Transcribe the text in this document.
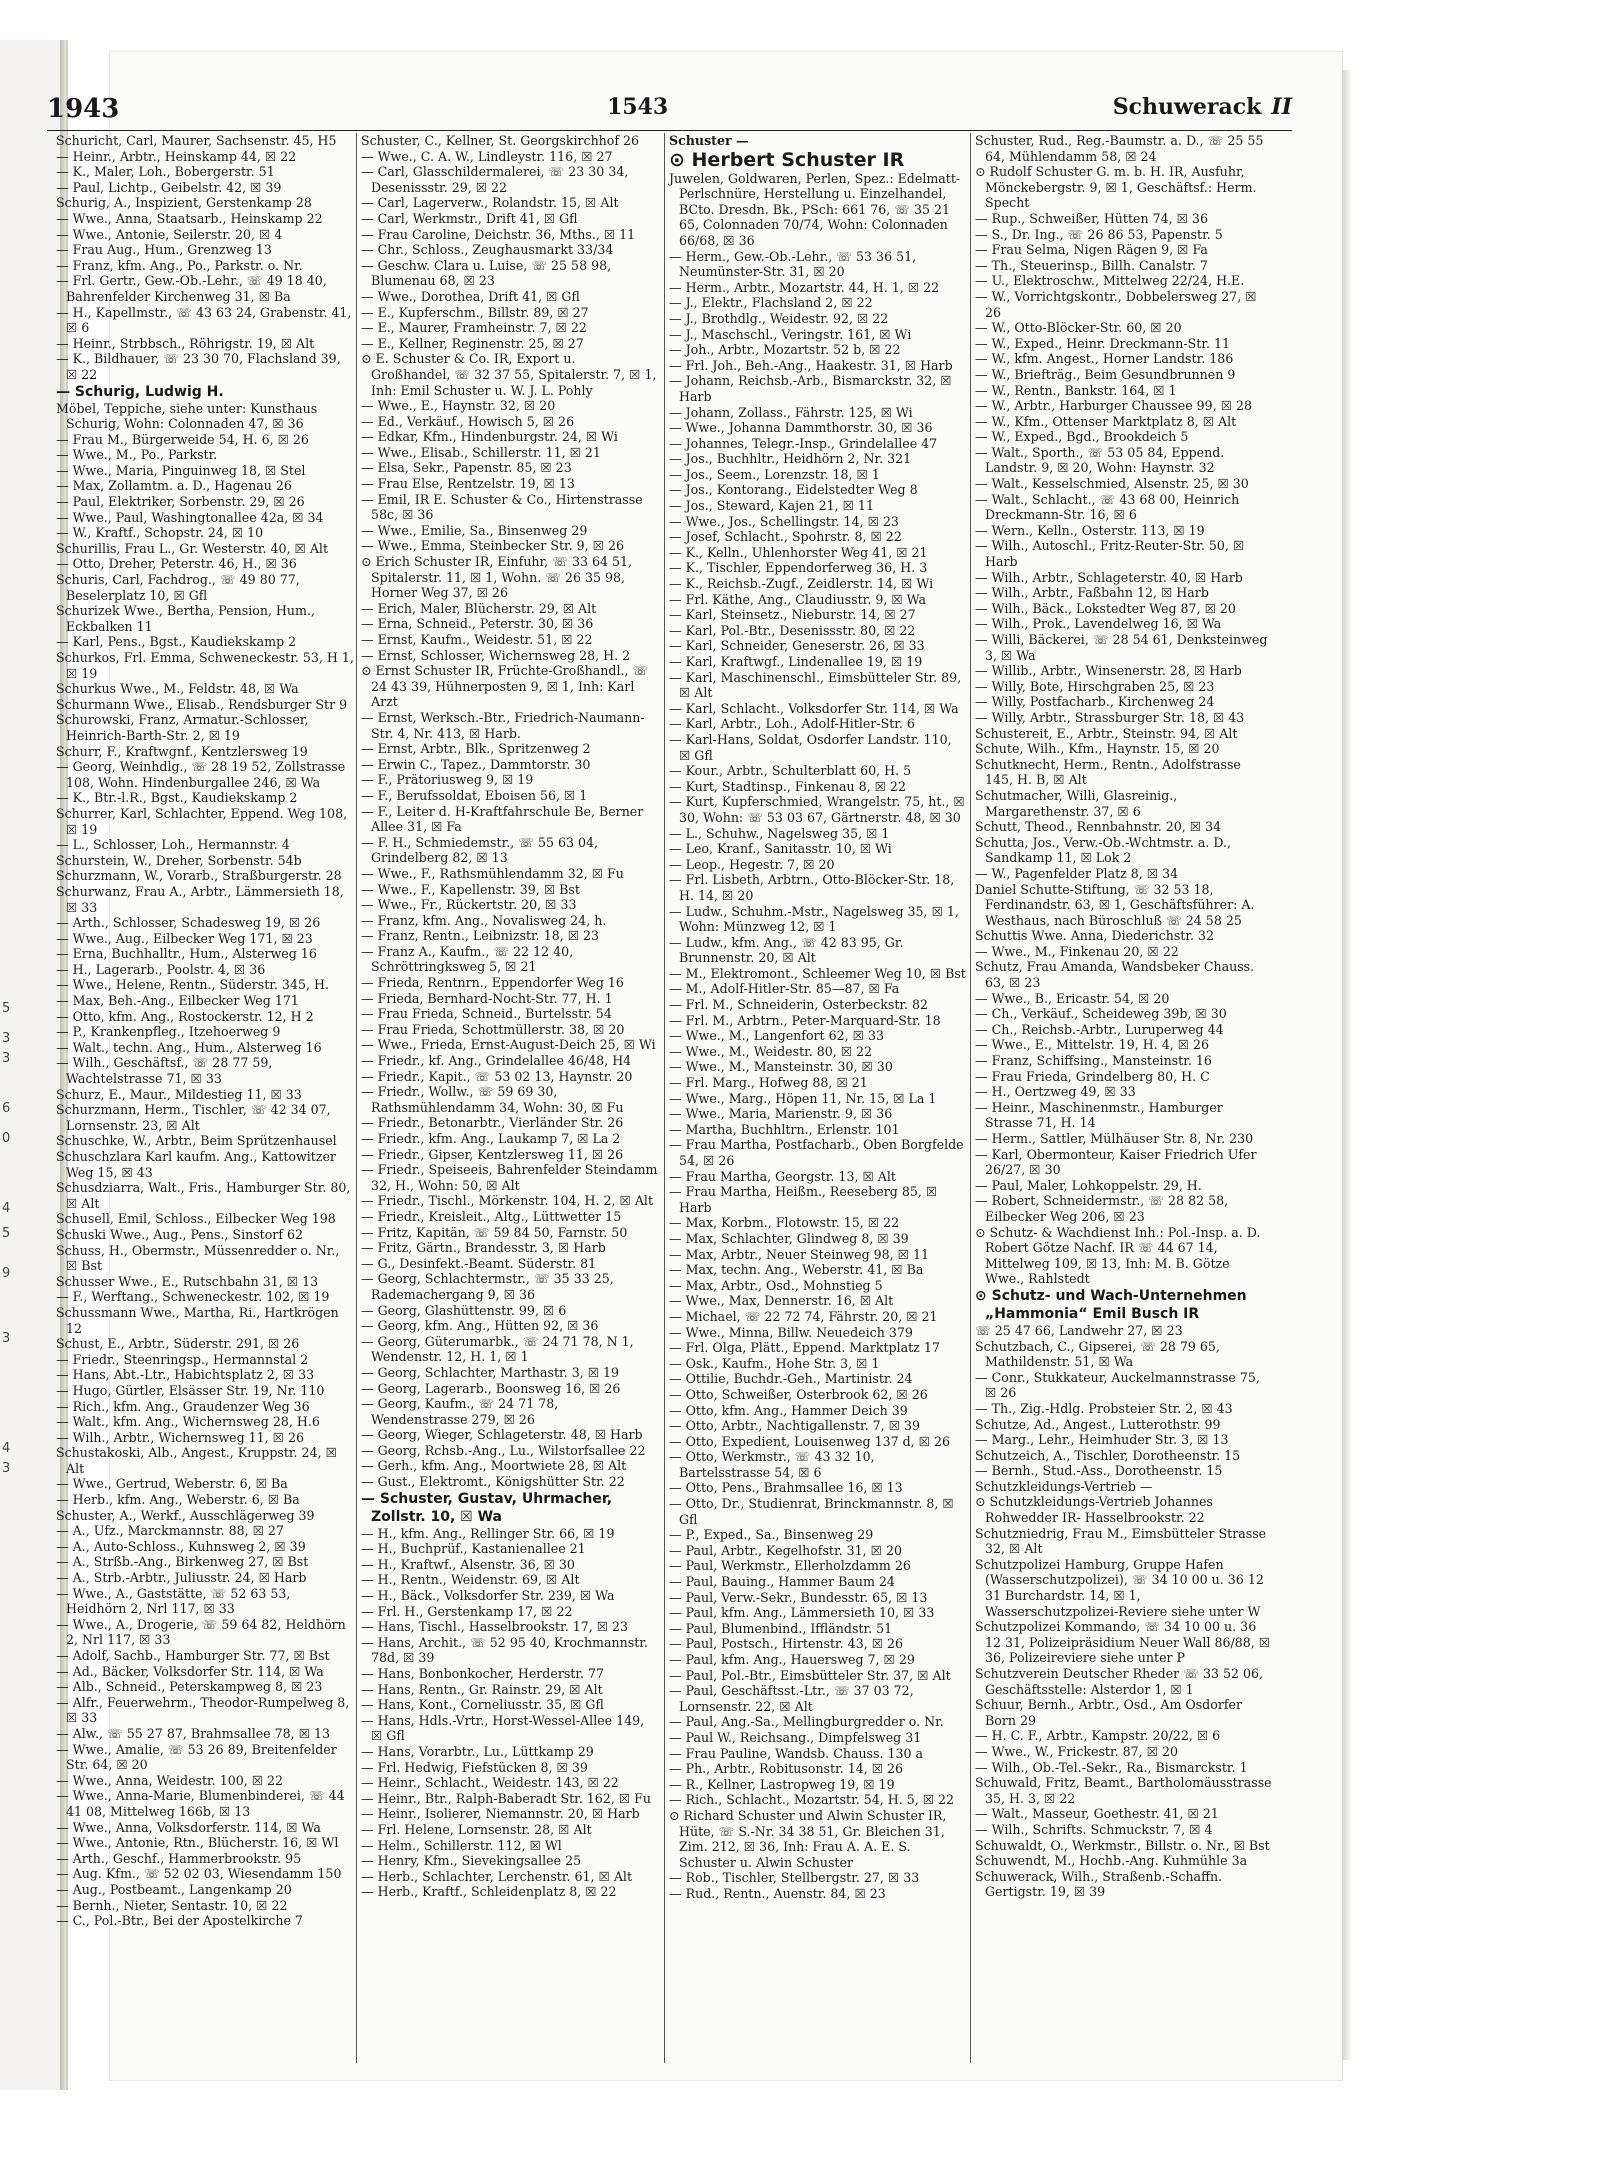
5
3
3
6
0
4
5
9
3
4
3
1943	1543	Schuwerack II

Schuricht, Carl, Maurer, Sachsenstr. 45, H5

— Heinr., Arbtr., Heinskamp 44, ☒ 22

— K., Maler, Loh., Bobergerstr. 51

— Paul, Lichtp., Geibelstr. 42, ☒ 39

Schurig, A., Inspizient, Gerstenkamp 28

— Wwe., Anna, Staatsarb., Heinskamp 22

— Wwe., Antonie, Seilerstr. 20, ☒ 4

— Frau Aug., Hum., Grenzweg 13

— Franz, kfm. Ang., Po., Parkstr. o. Nr.

— Frl. Gertr., Gew.-Ob.-Lehr., ☏ 49 18 40, Bahrenfelder Kirchenweg 31, ☒ Ba

— H., Kapellmstr., ☏ 43 63 24, Grabenstr. 41, ☒ 6

— Heinr., Strbbsch., Röhrigstr. 19, ☒ Alt

— K., Bildhauer, ☏ 23 30 70, Flachsland 39, ☒ 22

— Schurig, Ludwig H.

Möbel, Teppiche, siehe unter: Kunsthaus Schurig, Wohn: Colonnaden 47, ☒ 36

— Frau M., Bürgerweide 54, H. 6, ☒ 26

— Wwe., M., Po., Parkstr.

— Wwe., Maria, Pinguinweg 18, ☒ Stel

— Max, Zollamtm. a. D., Hagenau 26

— Paul, Elektriker, Sorbenstr. 29, ☒ 26

— Wwe., Paul, Washingtonallee 42a, ☒ 34

— W., Kraftf., Schopstr. 24, ☒ 10

Schurillis, Frau L., Gr. Westerstr. 40, ☒ Alt

— Otto, Dreher, Peterstr. 46, H., ☒ 36

Schuris, Carl, Fachdrog., ☏ 49 80 77, Beselerplatz 10, ☒ Gfl

Schurizek Wwe., Bertha, Pension, Hum., Eckbalken 11

— Karl, Pens., Bgst., Kaudiekskamp 2

Schurkos, Frl. Emma, Schweneckestr. 53, H 1, ☒ 19

Schurkus Wwe., M., Feldstr. 48, ☒ Wa

Schurmann Wwe., Elisab., Rendsburger Str 9

Schurowski, Franz, Armatur.-Schlosser, Heinrich-Barth-Str. 2, ☒ 19

Schurr, F., Kraftwgnf., Kentzlersweg 19

— Georg, Weinhdlg., ☏ 28 19 52, Zollstrasse 108, Wohn. Hindenburgallee 246, ☒ Wa

— K., Btr.-l.R., Bgst., Kaudiekskamp 2

Schurrer, Karl, Schlachter, Eppend. Weg 108, ☒ 19

— L., Schlosser, Loh., Hermannstr. 4

Schurstein, W., Dreher, Sorbenstr. 54b

Schurzmann, W., Vorarb., Straßburgerstr. 28

Schurwanz, Frau A., Arbtr., Lämmersieth 18, ☒ 33

— Arth., Schlosser, Schadesweg 19, ☒ 26

— Wwe., Aug., Eilbecker Weg 171, ☒ 23

— Erna, Buchhalltr., Hum., Alsterweg 16

— H., Lagerarb., Poolstr. 4, ☒ 36

— Wwe., Helene, Rentn., Süderstr. 345, H.

— Max, Beh.-Ang., Eilbecker Weg 171

— Otto, kfm. Ang., Rostockerstr. 12, H 2

— P., Krankenpfleg., Itzehoerweg 9

— Walt., techn. Ang., Hum., Alsterweg 16

— Wilh., Geschäftsf., ☏ 28 77 59, Wachtelstrasse 71, ☒ 33

Schurz, E., Maur., Mildestieg 11, ☒ 33

Schurzmann, Herm., Tischler, ☏ 42 34 07, Lornsenstr. 23, ☒ Alt

Schuschke, W., Arbtr., Beim Sprützenhausel

Schuschzlara Karl kaufm. Ang., Kattowitzer Weg 15, ☒ 43

Schusdziarra, Walt., Fris., Hamburger Str. 80, ☒ Alt

Schusell, Emil, Schloss., Eilbecker Weg 198

Schuski Wwe., Aug., Pens., Sinstorf 62

Schuss, H., Obermstr., Müssenredder o. Nr., ☒ Bst

Schusser Wwe., E., Rutschbahn 31, ☒ 13

— F., Werftang., Schweneckestr. 102, ☒ 19

Schussmann Wwe., Martha, Ri., Hartkrögen 12

Schust, E., Arbtr., Süderstr. 291, ☒ 26

— Friedr., Steenringsp., Hermannstal 2

— Hans, Abt.-Ltr., Habichtsplatz 2, ☒ 33

— Hugo, Gürtler, Elsässer Str. 19, Nr. 110

— Rich., kfm. Ang., Graudenzer Weg 36

— Walt., kfm. Ang., Wichernsweg 28, H.6

— Wilh., Arbtr., Wichernsweg 11, ☒ 26

Schustakoski, Alb., Angest., Kruppstr. 24, ☒ Alt

— Wwe., Gertrud, Weberstr. 6, ☒ Ba

— Herb., kfm. Ang., Weberstr. 6, ☒ Ba

Schuster, A., Werkf., Ausschlägerweg 39

— A., Ufz., Marckmannstr. 88, ☒ 27

— A., Auto-Schloss., Kuhnsweg 2, ☒ 39

— A., Strßb.-Ang., Birkenweg 27, ☒ Bst

— A., Strb.-Arbtr., Juliusstr. 24, ☒ Harb

— Wwe., A., Gaststätte, ☏ 52 63 53, Heidhörn 2, Nrl 117, ☒ 33

— Wwe., A., Drogerie, ☏ 59 64 82, Heldhörn 2, Nrl 117, ☒ 33

— Adolf, Sachb., Hamburger Str. 77, ☒ Bst

— Ad., Bäcker, Volksdorfer Str. 114, ☒ Wa

— Alb., Schneid., Peterskampweg 8, ☒ 23

— Alfr., Feuerwehrm., Theodor-Rumpelweg 8, ☒ 33

— Alw., ☏ 55 27 87, Brahmsallee 78, ☒ 13

— Wwe., Amalie, ☏ 53 26 89, Breitenfelder Str. 64, ☒ 20

— Wwe., Anna, Weidestr. 100, ☒ 22

— Wwe., Anna-Marie, Blumenbinderei, ☏ 44 41 08, Mittelweg 166b, ☒ 13

— Wwe., Anna, Volksdorferstr. 114, ☒ Wa

— Wwe., Antonie, Rtn., Blücherstr. 16, ☒ Wl

— Arth., Geschf., Hammerbrookstr. 95

— Aug. Kfm., ☏ 52 02 03, Wiesendamm 150

— Aug., Postbeamt., Langenkamp 20

— Bernh., Nieter, Sentastr. 10, ☒ 22

— C., Pol.-Btr., Bei der Apostelkirche 7

Schuster, C., Kellner, St. Georgskirchhof 26

— Wwe., C. A. W., Lindleystr. 116, ☒ 27

— Carl, Glasschildermalerei, ☏ 23 30 34, Desenissstr. 29, ☒ 22

— Carl, Lagerverw., Rolandstr. 15, ☒ Alt

— Carl, Werkmstr., Drift 41, ☒ Gfl

— Frau Caroline, Deichstr. 36, Mths., ☒ 11

— Chr., Schloss., Zeughausmarkt 33/34

— Geschw. Clara u. Luise, ☏ 25 58 98, Blumenau 68, ☒ 23

— Wwe., Dorothea, Drift 41, ☒ Gfl

— E., Kupferschm., Billstr. 89, ☒ 27

— E., Maurer, Framheinstr. 7, ☒ 22

— E., Kellner, Reginenstr. 25, ☒ 27

⊙ E. Schuster & Co. IR, Export u. Großhandel, ☏ 32 37 55, Spitalerstr. 7, ☒ 1, Inh: Emil Schuster u. W. J. L. Pohly

— Wwe., E., Haynstr. 32, ☒ 20

— Ed., Verkäuf., Howisch 5, ☒ 26

— Edkar, Kfm., Hindenburgstr. 24, ☒ Wi

— Wwe., Elisab., Schillerstr. 11, ☒ 21

— Elsa, Sekr., Papenstr. 85, ☒ 23

— Frau Else, Rentzelstr. 19, ☒ 13

— Emil, IR E. Schuster & Co., Hirtenstrasse 58c, ☒ 36

— Wwe., Emilie, Sa., Binsenweg 29

— Wwe., Emma, Steinbecker Str. 9, ☒ 26

⊙ Erich Schuster IR, Einfuhr, ☏ 33 64 51, Spitalerstr. 11, ☒ 1, Wohn. ☏ 26 35 98, Horner Weg 37, ☒ 26

— Erich, Maler, Blücherstr. 29, ☒ Alt

— Erna, Schneid., Peterstr. 30, ☒ 36

— Ernst, Kaufm., Weidestr. 51, ☒ 22

— Ernst, Schlosser, Wichernsweg 28, H. 2

⊙ Ernst Schuster IR, Früchte-Großhandl., ☏ 24 43 39, Hühnerposten 9, ☒ 1, Inh: Karl Arzt

— Ernst, Werksch.-Btr., Friedrich-Naumann-Str. 4, Nr. 413, ☒ Harb.

— Ernst, Arbtr., Blk., Spritzenweg 2

— Erwin C., Tapez., Dammtorstr. 30

— F., Prätoriusweg 9, ☒ 19

— F., Berufssoldat, Eboisen 56, ☒ 1

— F., Leiter d. H-Kraftfahrschule Be, Berner Allee 31, ☒ Fa

— F. H., Schmiedemstr., ☏ 55 63 04, Grindelberg 82, ☒ 13

— Wwe., F., Rathsmühlendamm 32, ☒ Fu

— Wwe., F., Kapellenstr. 39, ☒ Bst

— Wwe., Fr., Rückertstr. 20, ☒ 33

— Franz, kfm. Ang., Novalisweg 24, h.

— Franz, Rentn., Leibnizstr. 18, ☒ 23

— Franz A., Kaufm., ☏ 22 12 40, Schröttringksweg 5, ☒ 21

— Frieda, Rentnrn., Eppendorfer Weg 16

— Frieda, Bernhard-Nocht-Str. 77, H. 1

— Frau Frieda, Schneid., Burtelsstr. 54

— Frau Frieda, Schottmüllerstr. 38, ☒ 20

— Wwe., Frieda, Ernst-August-Deich 25, ☒ Wi

— Friedr., kf. Ang., Grindelallee 46/48, H4

— Friedr., Kapit., ☏ 53 02 13, Haynstr. 20

— Friedr., Wollw., ☏ 59 69 30, Rathsmühlendamm 34, Wohn: 30, ☒ Fu

— Friedr., Betonarbtr., Vierländer Str. 26

— Friedr., kfm. Ang., Laukamp 7, ☒ La 2

— Friedr., Gipser, Kentzlersweg 11, ☒ 26

— Friedr., Speiseeis, Bahrenfelder Steindamm 32, H., Wohn: 50, ☒ Alt

— Friedr., Tischl., Mörkenstr. 104, H. 2, ☒ Alt

— Friedr., Kreisleit., Altg., Lüttwetter 15

— Fritz, Kapitän, ☏ 59 84 50, Farnstr. 50

— Fritz, Gärtn., Brandesstr. 3, ☒ Harb

— G., Desinfekt.-Beamt. Süderstr. 81

— Georg, Schlachtermstr., ☏ 35 33 25, Rademachergang 9, ☒ 36

— Georg, Glashüttenstr. 99, ☒ 6

— Georg, kfm. Ang., Hütten 92, ☒ 36

— Georg, Güterumarbk., ☏ 24 71 78, N 1, Wendenstr. 12, H. 1, ☒ 1

— Georg, Schlachter, Marthastr. 3, ☒ 19

— Georg, Lagerarb., Boonsweg 16, ☒ 26

— Georg, Kaufm., ☏ 24 71 78, Wendenstrasse 279, ☒ 26

— Georg, Wieger, Schlageterstr. 48, ☒ Harb

— Georg, Rchsb.-Ang., Lu., Wilstorfsallee 22

— Gerh., kfm. Ang., Moortwiete 28, ☒ Alt

— Gust., Elektromt., Königshütter Str. 22

— Schuster, Gustav, Uhrmacher, Zollstr. 10, ☒ Wa

— H., kfm. Ang., Rellinger Str. 66, ☒ 19

— H., Buchprüf., Kastanienallee 21

— H., Kraftwf., Alsenstr. 36, ☒ 30

— H., Rentn., Weidenstr. 69, ☒ Alt

— H., Bäck., Volksdorfer Str. 239, ☒ Wa

— Frl. H., Gerstenkamp 17, ☒ 22

— Hans, Tischl., Hasselbrookstr. 17, ☒ 23

— Hans, Archit., ☏ 52 95 40, Krochmannstr. 78d, ☒ 39

— Hans, Bonbonkocher, Herderstr. 77

— Hans, Rentn., Gr. Rainstr. 29, ☒ Alt

— Hans, Kont., Corneliusstr. 35, ☒ Gfl

— Hans, Hdls.-Vrtr., Horst-Wessel-Allee 149, ☒ Gfl

— Hans, Vorarbtr., Lu., Lüttkamp 29

— Frl. Hedwig, Fiefstücken 8, ☒ 39

— Heinr., Schlacht., Weidestr. 143, ☒ 22

— Heinr., Btr., Ralph-Baberadt Str. 162, ☒ Fu

— Heinr., Isolierer, Niemannstr. 20, ☒ Harb

— Frl. Helene, Lornsenstr. 28, ☒ Alt

— Helm., Schillerstr. 112, ☒ Wl

— Henry, Kfm., Sievekingsallee 25

— Herb., Schlachter, Lerchenstr. 61, ☒ Alt

— Herb., Kraftf., Schleidenplatz 8, ☒ 22

Schuster —

⊙ Herbert Schuster IR

Juwelen, Goldwaren, Perlen, Spez.: Edelmatt-Perlschnüre, Herstellung u. Einzelhandel, BCto. Dresdn. Bk., PSch: 661 76, ☏ 35 21 65, Colonnaden 70/74, Wohn: Colonnaden 66/68, ☒ 36

— Herm., Gew.-Ob.-Lehr., ☏ 53 36 51, Neumünster-Str. 31, ☒ 20

— Herm., Arbtr., Mozartstr. 44, H. 1, ☒ 22

— J., Elektr., Flachsland 2, ☒ 22

— J., Brothdlg., Weidestr. 92, ☒ 22

— J., Maschschl., Veringstr. 161, ☒ Wi

— Joh., Arbtr., Mozartstr. 52 b, ☒ 22

— Frl. Joh., Beh.-Ang., Haakestr. 31, ☒ Harb

— Johann, Reichsb.-Arb., Bismarckstr. 32, ☒ Harb

— Johann, Zollass., Fährstr. 125, ☒ Wi

— Wwe., Johanna Dammthorstr. 30, ☒ 36

— Johannes, Telegr.-Insp., Grindelallee 47

— Jos., Buchhltr., Heidhörn 2, Nr. 321

— Jos., Seem., Lorenzstr. 18, ☒ 1

— Jos., Kontorang., Eidelstedter Weg 8

— Jos., Steward, Kajen 21, ☒ 11

— Wwe., Jos., Schellingstr. 14, ☒ 23

— Josef, Schlacht., Spohrstr. 8, ☒ 22

— K., Kelln., Uhlenhorster Weg 41, ☒ 21

— K., Tischler, Eppendorferweg 36, H. 3

— K., Reichsb.-Zugf., Zeidlerstr. 14, ☒ Wi

— Frl. Käthe, Ang., Claudiusstr. 9, ☒ Wa

— Karl, Steinsetz., Nieburstr. 14, ☒ 27

— Karl, Pol.-Btr., Desenissstr. 80, ☒ 22

— Karl, Schneider, Geneserstr. 26, ☒ 33

— Karl, Kraftwgf., Lindenallee 19, ☒ 19

— Karl, Maschinenschl., Eimsbütteler Str. 89, ☒ Alt

— Karl, Schlacht., Volksdorfer Str. 114, ☒ Wa

— Karl, Arbtr., Loh., Adolf-Hitler-Str. 6

— Karl-Hans, Soldat, Osdorfer Landstr. 110, ☒ Gfl

— Kour., Arbtr., Schulterblatt 60, H. 5

— Kurt, Stadtinsp., Finkenau 8, ☒ 22

— Kurt, Kupferschmied, Wrangelstr. 75, ht., ☒ 30, Wohn: ☏ 53 03 67, Gärtnerstr. 48, ☒ 30

— L., Schuhw., Nagelsweg 35, ☒ 1

— Leo, Kranf., Sanitasstr. 10, ☒ Wi

— Leop., Hegestr. 7, ☒ 20

— Frl. Lisbeth, Arbtrn., Otto-Blöcker-Str. 18, H. 14, ☒ 20

— Ludw., Schuhm.-Mstr., Nagelsweg 35, ☒ 1, Wohn: Münzweg 12, ☒ 1

— Ludw., kfm. Ang., ☏ 42 83 95, Gr. Brunnenstr. 20, ☒ Alt

— M., Elektromont., Schleemer Weg 10, ☒ Bst

— M., Adolf-Hitler-Str. 85—87, ☒ Fa

— Frl. M., Schneiderin, Osterbeckstr. 82

— Frl. M., Arbtrn., Peter-Marquard-Str. 18

— Wwe., M., Langenfort 62, ☒ 33

— Wwe., M., Weidestr. 80, ☒ 22

— Wwe., M., Mansteinstr. 30, ☒ 30

— Frl. Marg., Hofweg 88, ☒ 21

— Wwe., Marg., Höpen 11, Nr. 15, ☒ La 1

— Wwe., Maria, Marienstr. 9, ☒ 36

— Martha, Buchhltrn., Erlenstr. 101

— Frau Martha, Postfacharb., Oben Borgfelde 54, ☒ 26

— Frau Martha, Georgstr. 13, ☒ Alt

— Frau Martha, Heißm., Reeseberg 85, ☒ Harb

— Max, Korbm., Flotowstr. 15, ☒ 22

— Max, Schlachter, Glindweg 8, ☒ 39

— Max, Arbtr., Neuer Steinweg 98, ☒ 11

— Max, techn. Ang., Weberstr. 41, ☒ Ba

— Max, Arbtr., Osd., Mohnstieg 5

— Wwe., Max, Dennerstr. 16, ☒ Alt

— Michael, ☏ 22 72 74, Fährstr. 20, ☒ 21

— Wwe., Minna, Billw. Neuedeich 379

— Frl. Olga, Plätt., Eppend. Marktplatz 17

— Osk., Kaufm., Hohe Str. 3, ☒ 1

— Ottilie, Buchdr.-Geh., Martinistr. 24

— Otto, Schweißer, Osterbrook 62, ☒ 26

— Otto, kfm. Ang., Hammer Deich 39

— Otto, Arbtr., Nachtigallenstr. 7, ☒ 39

— Otto, Expedient, Louisenweg 137 d, ☒ 26

— Otto, Werkmstr., ☏ 43 32 10, Bartelsstrasse 54, ☒ 6

— Otto, Pens., Brahmsallee 16, ☒ 13

— Otto, Dr., Studienrat, Brinckmannstr. 8, ☒ Gfl

— P., Exped., Sa., Binsenweg 29

— Paul, Arbtr., Kegelhofstr. 31, ☒ 20

— Paul, Werkmstr., Ellerholzdamm 26

— Paul, Bauing., Hammer Baum 24

— Paul, Verw.-Sekr., Bundesstr. 65, ☒ 13

— Paul, kfm. Ang., Lämmersieth 10, ☒ 33

— Paul, Blumenbind., Iffländstr. 51

— Paul, Postsch., Hirtenstr. 43, ☒ 26

— Paul, kfm. Ang., Hauersweg 7, ☒ 29

— Paul, Pol.-Btr., Eimsbütteler Str. 37, ☒ Alt

— Paul, Geschäftsst.-Ltr., ☏ 37 03 72, Lornsenstr. 22, ☒ Alt

— Paul, Ang.-Sa., Mellingburgredder o. Nr.

— Paul W., Reichsang., Dimpfelsweg 31

— Frau Pauline, Wandsb. Chauss. 130 a

— Ph., Arbtr., Robitusonstr. 14, ☒ 26

— R., Kellner, Lastropweg 19, ☒ 19

— Rich., Schlacht., Mozartstr. 54, H. 5, ☒ 22

⊙ Richard Schuster und Alwin Schuster IR, Hüte, ☏ S.-Nr. 34 38 51, Gr. Bleichen 31, Zim. 212, ☒ 36, Inh: Frau A. A. E. S. Schuster u. Alwin Schuster

— Rob., Tischler, Stellbergstr. 27, ☒ 33

— Rud., Rentn., Auenstr. 84, ☒ 23

Schuster, Rud., Reg.-Baumstr. a. D., ☏ 25 55 64, Mühlendamm 58, ☒ 24

⊙ Rudolf Schuster G. m. b. H. IR, Ausfuhr, Mönckebergstr. 9, ☒ 1, Geschäftsf.: Herm. Specht

— Rup., Schweißer, Hütten 74, ☒ 36

— S., Dr. Ing., ☏ 26 86 53, Papenstr. 5

— Frau Selma, Nigen Rägen 9, ☒ Fa

— Th., Steuerinsp., Billh. Canalstr. 7

— U., Elektroschw., Mittelweg 22/24, H.E.

— W., Vorrichtgskontr., Dobbelersweg 27, ☒ 26

— W., Otto-Blöcker-Str. 60, ☒ 20

— W., Exped., Heinr. Dreckmann-Str. 11

— W., kfm. Angest., Horner Landstr. 186

— W., Briefträg., Beim Gesundbrunnen 9

— W., Rentn., Bankstr. 164, ☒ 1

— W., Arbtr., Harburger Chaussee 99, ☒ 28

— W., Kfm., Ottenser Marktplatz 8, ☒ Alt

— W., Exped., Bgd., Brookdeich 5

— Walt., Sporth., ☏ 53 05 84, Eppend. Landstr. 9, ☒ 20, Wohn: Haynstr. 32

— Walt., Kesselschmied, Alsenstr. 25, ☒ 30

— Walt., Schlacht., ☏ 43 68 00, Heinrich Dreckmann-Str. 16, ☒ 6

— Wern., Kelln., Osterstr. 113, ☒ 19

— Wilh., Autoschl., Fritz-Reuter-Str. 50, ☒ Harb

— Wilh., Arbtr., Schlageterstr. 40, ☒ Harb

— Wilh., Arbtr., Faßbahn 12, ☒ Harb

— Wilh., Bäck., Lokstedter Weg 87, ☒ 20

— Wilh., Prok., Lavendelweg 16, ☒ Wa

— Willi, Bäckerei, ☏ 28 54 61, Denksteinweg 3, ☒ Wa

— Willib., Arbtr., Winsenerstr. 28, ☒ Harb

— Willy, Bote, Hirschgraben 25, ☒ 23

— Willy, Postfacharb., Kirchenweg 24

— Willy, Arbtr., Strassburger Str. 18, ☒ 43

Schustereit, E., Arbtr., Steinstr. 94, ☒ Alt

Schute, Wilh., Kfm., Haynstr. 15, ☒ 20

Schutknecht, Herm., Rentn., Adolfstrasse 145, H. B, ☒ Alt

Schutmacher, Willi, Glasreinig., Margarethenstr. 37, ☒ 6

Schutt, Theod., Rennbahnstr. 20, ☒ 34

Schutta, Jos., Verw.-Ob.-Wchtmstr. a. D., Sandkamp 11, ☒ Lok 2

— W., Pagenfelder Platz 8, ☒ 34

Daniel Schutte-Stiftung, ☏ 32 53 18, Ferdinandstr. 63, ☒ 1, Geschäftsführer: A. Westhaus, nach Büroschluß ☏ 24 58 25

Schuttis Wwe. Anna, Diederichstr. 32

— Wwe., M., Finkenau 20, ☒ 22

Schutz, Frau Amanda, Wandsbeker Chauss. 63, ☒ 23

— Wwe., B., Ericastr. 54, ☒ 20

— Ch., Verkäuf., Scheideweg 39b, ☒ 30

— Ch., Reichsb.-Arbtr., Luruperweg 44

— Wwe., E., Mittelstr. 19, H. 4, ☒ 26

— Franz, Schiffsing., Mansteinstr. 16

— Frau Frieda, Grindelberg 80, H. C

— H., Oertzweg 49, ☒ 33

— Heinr., Maschinenmstr., Hamburger Strasse 71, H. 14

— Herm., Sattler, Mülhäuser Str. 8, Nr. 230

— Karl, Obermonteur, Kaiser Friedrich Ufer 26/27, ☒ 30

— Paul, Maler, Lohkoppelstr. 29, H.

— Robert, Schneidermstr., ☏ 28 82 58, Eilbecker Weg 206, ☒ 23

⊙ Schutz- & Wachdienst Inh.: Pol.-Insp. a. D. Robert Götze Nachf. IR ☏ 44 67 14, Mittelweg 109, ☒ 13, Inh: M. B. Götze Wwe., Rahlstedt

⊙ Schutz- und Wach-Unternehmen „Hammonia“ Emil Busch IR

☏ 25 47 66, Landwehr 27, ☒ 23

Schutzbach, C., Gipserei, ☏ 28 79 65, Mathildenstr. 51, ☒ Wa

— Conr., Stukkateur, Auckelmannstrasse 75, ☒ 26

— Th., Zig.-Hdlg. Probsteier Str. 2, ☒ 43

Schutze, Ad., Angest., Lutterothstr. 99

— Marg., Lehr., Heimhuder Str. 3, ☒ 13

Schutzeich, A., Tischler, Dorotheenstr. 15

— Bernh., Stud.-Ass., Dorotheenstr. 15

Schutzkleidungs-Vertrieb —

⊙ Schutzkleidungs-Vertrieb Johannes Rohwedder IR- Hasselbrookstr. 22

Schutzniedrig, Frau M., Eimsbütteler Strasse 32, ☒ Alt

Schutzpolizei Hamburg, Gruppe Hafen (Wasserschutzpolizei), ☏ 34 10 00 u. 36 12 31 Burchardstr. 14, ☒ 1, Wasserschutzpolizei-Reviere siehe unter W

Schutzpolizei Kommando, ☏ 34 10 00 u. 36 12 31, Polizeipräsidium Neuer Wall 86/88, ☒ 36, Polizeireviere siehe unter P

Schutzverein Deutscher Rheder ☏ 33 52 06, Geschäftsstelle: Alsterdor 1, ☒ 1

Schuur, Bernh., Arbtr., Osd., Am Osdorfer Born 29

— H. C. F., Arbtr., Kampstr. 20/22, ☒ 6

— Wwe., W., Frickestr. 87, ☒ 20

— Wilh., Ob.-Tel.-Sekr., Ra., Bismarckstr. 1

Schuwald, Fritz, Beamt., Bartholomäusstrasse 35, H. 3, ☒ 22

— Walt., Masseur, Goethestr. 41, ☒ 21

— Wilh., Schrifts. Schmuckstr. 7, ☒ 4

Schuwaldt, O., Werkmstr., Billstr. o. Nr., ☒ Bst

Schuwendt, M., Hochb.-Ang. Kuhmühle 3a

Schuwerack, Wilh., Straßenb.-Schaffn. Gertigstr. 19, ☒ 39
